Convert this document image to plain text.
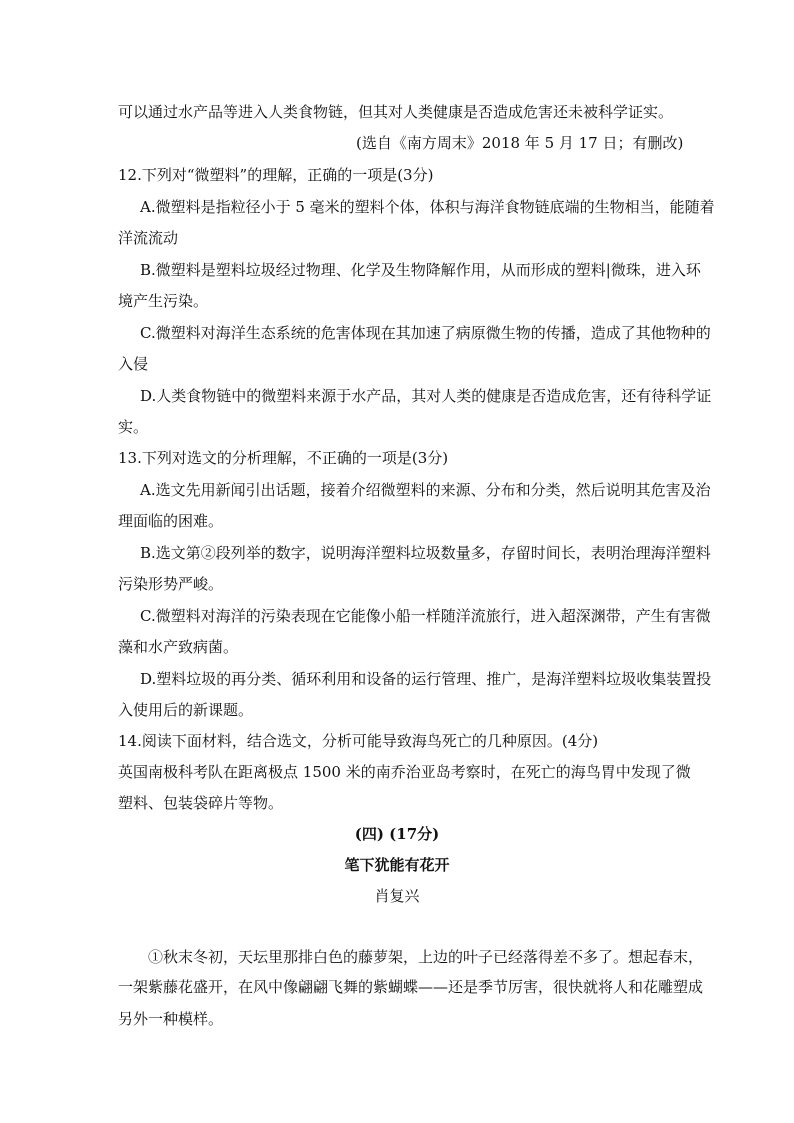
可以通过水产品等进入人类食物链，但其对人类健康是否造成危害还未被科学证实。
(选自《南方周末》2018 年 5 月 17 日；有删改)
12.下列对“微塑料”的理解，正确的一项是(3分)
A.微塑料是指粒径小于 5 毫米的塑料个体，体积与海洋食物链底端的生物相当，能随着
洋流流动
B.微塑料是塑料垃圾经过物理、化学及生物降解作用，从而形成的塑料|微珠，进入环
境产生污染。
C.微塑料对海洋生态系统的危害体现在其加速了病原微生物的传播，造成了其他物种的
入侵
D.人类食物链中的微塑料来源于水产品，其对人类的健康是否造成危害，还有待科学证
实。
13.下列对选文的分析理解，不正确的一项是(3分)
A.选文先用新闻引出话题，接着介绍微塑料的来源、分布和分类，然后说明其危害及治
理面临的困难。
B.选文第②段列举的数字，说明海洋塑料垃圾数量多，存留时间长，表明治理海洋塑料
污染形势严峻。
C.微塑料对海洋的污染表现在它能像小船一样随洋流旅行，进入超深渊带，产生有害微
藻和水产致病菌。
D.塑料垃圾的再分类、循环利用和设备的运行管理、推广，是海洋塑料垃圾收集装置投
入使用后的新课题。
14.阅读下面材料，结合选文，分析可能导致海鸟死亡的几种原因。(4分)
英国南极科考队在距离极点 1500 米的南乔治亚岛考察时，在死亡的海鸟胃中发现了微
塑料、包装袋碎片等物。
(四) (17分)
笔下犹能有花开
肖复兴
①秋末冬初，天坛里那排白色的藤萝架，上边的叶子已经落得差不多了。想起春末，
一架紫藤花盛开，在风中像翩翩飞舞的紫蝴蝶——还是季节厉害，很快就将人和花雕塑成
另外一种模样。
